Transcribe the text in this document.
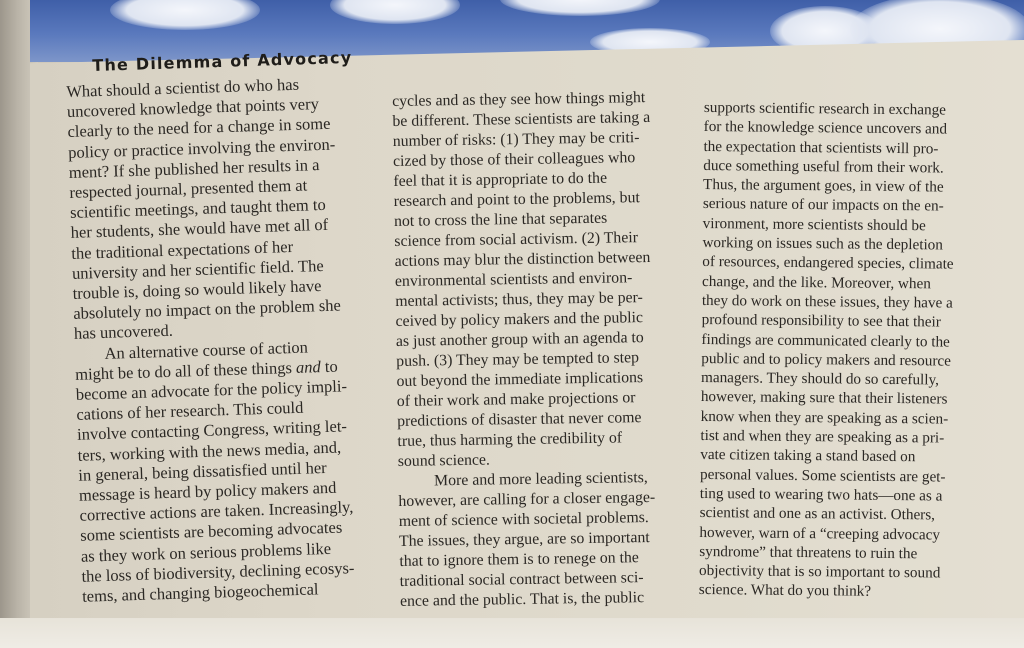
The Dilemma of Advocacy
What should a scientist do who has
uncovered knowledge that points very
clearly to the need for a change in some
policy or practice involving the environ-
ment? If she published her results in a
respected journal, presented them at
scientific meetings, and taught them to
her students, she would have met all of
the traditional expectations of her
university and her scientific field. The
trouble is, doing so would likely have
absolutely no impact on the problem she
has uncovered.
An alternative course of action
might be to do all of these things and to
become an advocate for the policy impli-
cations of her research. This could
involve contacting Congress, writing let-
ters, working with the news media, and,
in general, being dissatisfied until her
message is heard by policy makers and
corrective actions are taken. Increasingly,
some scientists are becoming advocates
as they work on serious problems like
the loss of biodiversity, declining ecosys-
tems, and changing biogeochemical
cycles and as they see how things might
be different. These scientists are taking a
number of risks: (1) They may be criti-
cized by those of their colleagues who
feel that it is appropriate to do the
research and point to the problems, but
not to cross the line that separates
science from social activism. (2) Their
actions may blur the distinction between
environmental scientists and environ-
mental activists; thus, they may be per-
ceived by policy makers and the public
as just another group with an agenda to
push. (3) They may be tempted to step
out beyond the immediate implications
of their work and make projections or
predictions of disaster that never come
true, thus harming the credibility of
sound science.
More and more leading scientists,
however, are calling for a closer engage-
ment of science with societal problems.
The issues, they argue, are so important
that to ignore them is to renege on the
traditional social contract between sci-
ence and the public. That is, the public
supports scientific research in exchange
for the knowledge science uncovers and
the expectation that scientists will pro-
duce something useful from their work.
Thus, the argument goes, in view of the
serious nature of our impacts on the en-
vironment, more scientists should be
working on issues such as the depletion
of resources, endangered species, climate
change, and the like. Moreover, when
they do work on these issues, they have a
profound responsibility to see that their
findings are communicated clearly to the
public and to policy makers and resource
managers. They should do so carefully,
however, making sure that their listeners
know when they are speaking as a scien-
tist and when they are speaking as a pri-
vate citizen taking a stand based on
personal values. Some scientists are get-
ting used to wearing two hats—one as a
scientist and one as an activist. Others,
however, warn of a “creeping advocacy
syndrome” that threatens to ruin the
objectivity that is so important to sound
science. What do you think?
